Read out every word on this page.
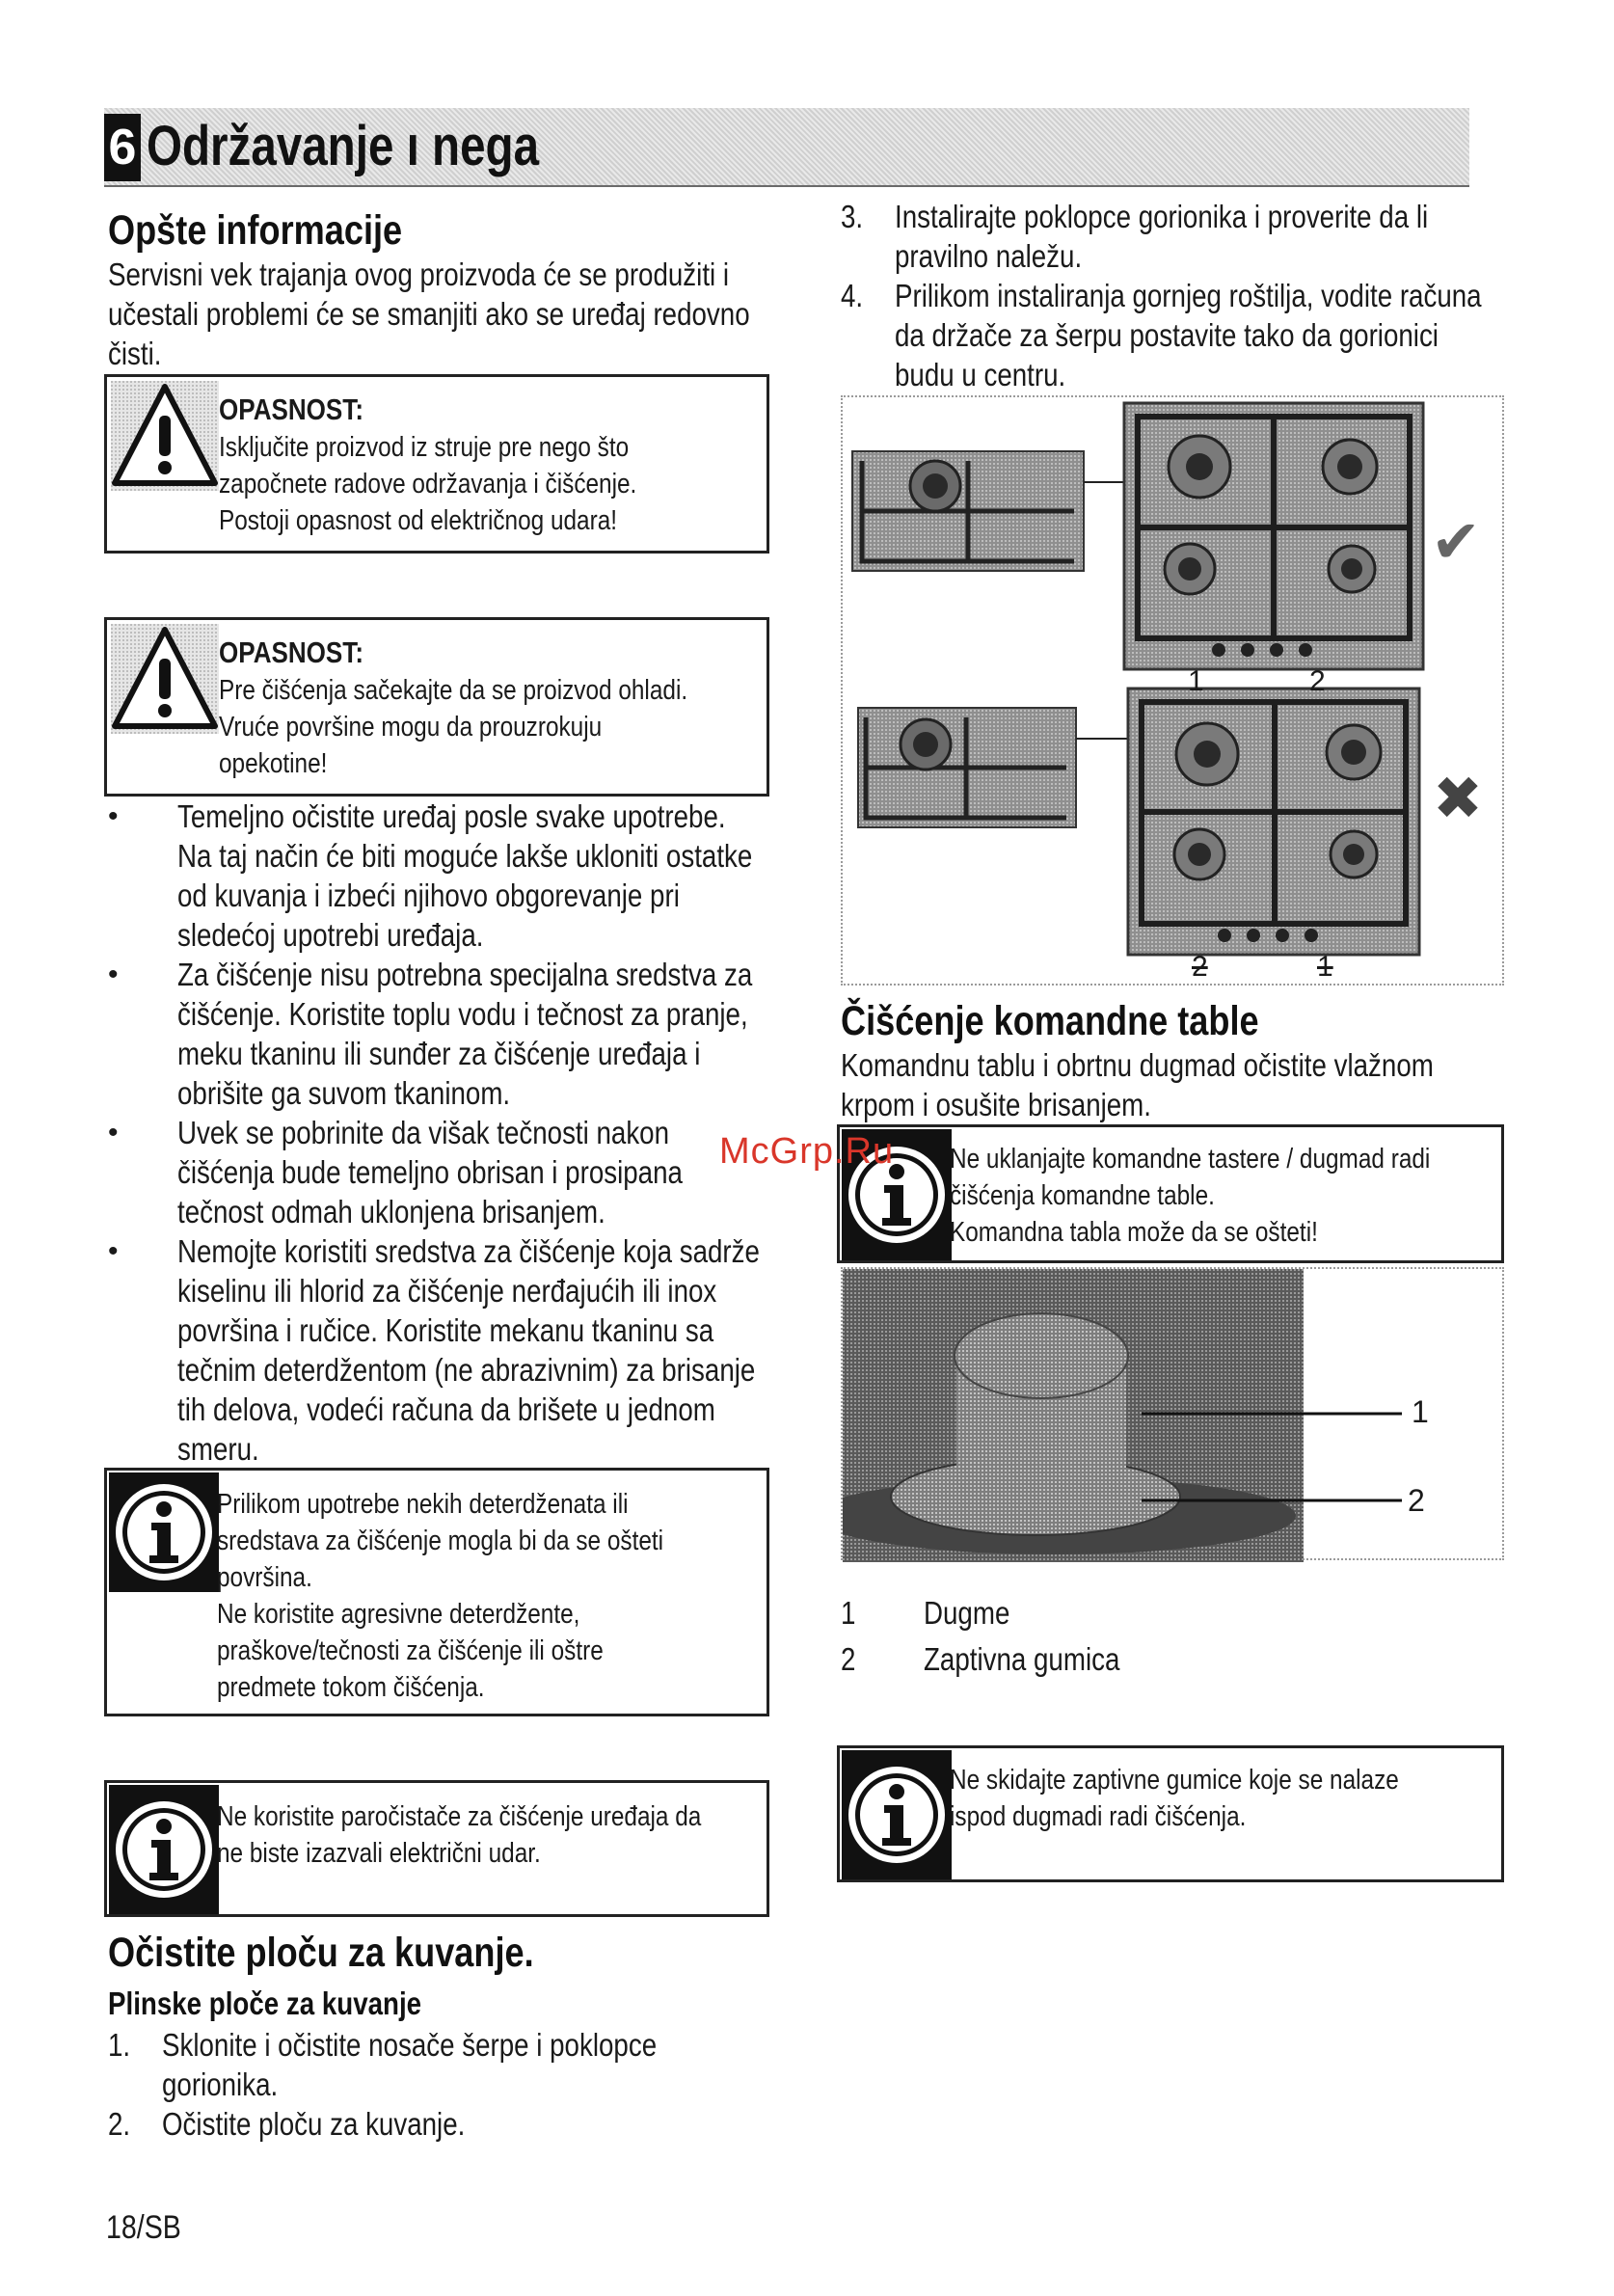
6 Održavanje ı nega
Opšte informacije
Servisni vek trajanja ovog proizvoda će se produžiti i
učestali problemi će se smanjiti ako se uređaj redovno
čisti.
OPASNOST:
Isključite proizvod iz struje pre nego što
započnete radove održavanja i čišćenje.
Postoji opasnost od električnog udara!
OPASNOST:
Pre čišćenja sačekajte da se proizvod ohladi.
Vruće površine mogu da prouzrokuju
opekotine!
• Temeljno očistite uređaj posle svake upotrebe.
Na taj način će biti moguće lakše ukloniti ostatke
od kuvanja i izbeći njihovo obgorevanje pri
sledećoj upotrebi uređaja.
• Za čišćenje nisu potrebna specijalna sredstva za
čišćenje. Koristite toplu vodu i tečnost za pranje,
meku tkaninu ili sunđer za čišćenje uređaja i
obrišite ga suvom tkaninom.
• Uvek se pobrinite da višak tečnosti nakon
čišćenja bude temeljno obrisan i prosipana
tečnost odmah uklonjena brisanjem.
• Nemojte koristiti sredstva za čišćenje koja sadrže
kiselinu ili hlorid za čišćenje nerđajućih ili inox
površina i ručice. Koristite mekanu tkaninu sa
tečnim deterdžentom (ne abrazivnim) za brisanje
tih delova, vodeći računa da brišete u jednom
smeru.
Prilikom upotrebe nekih deterdženata ili
sredstava za čišćenje mogla bi da se ošteti
površina.
Ne koristite agresivne deterdžente,
praškove/tečnosti za čišćenje ili oštre
predmete tokom čišćenja.
Ne koristite paročistače za čišćenje uređaja da
ne biste izazvali električni udar.
Očistite ploču za kuvanje.
Plinske ploče za kuvanje
1. Sklonite i očistite nosače šerpe i poklopce
gorionika.
2. Očistite ploču za kuvanje.
18/SB
3. Instalirajte poklopce gorionika i proverite da li
pravilno naležu.
4. Prilikom instaliranja gornjeg roštilja, vodite računa
da držače za šerpu postavite tako da gorionici
budu u centru.
1	2
2	1
✔
✖
Čišćenje komandne table
Komandnu tablu i obrtnu dugmad očistite vlažnom
krpom i osušite brisanjem.
Ne uklanjajte komandne tastere / dugmad radi
čišćenja komandne table.
Komandna tabla može da se ošteti!
1
2
1 Dugme
2 Zaptivna gumica
Ne skidajte zaptivne gumice koje se nalaze
ispod dugmadi radi čišćenja.
McGrp.Ru
